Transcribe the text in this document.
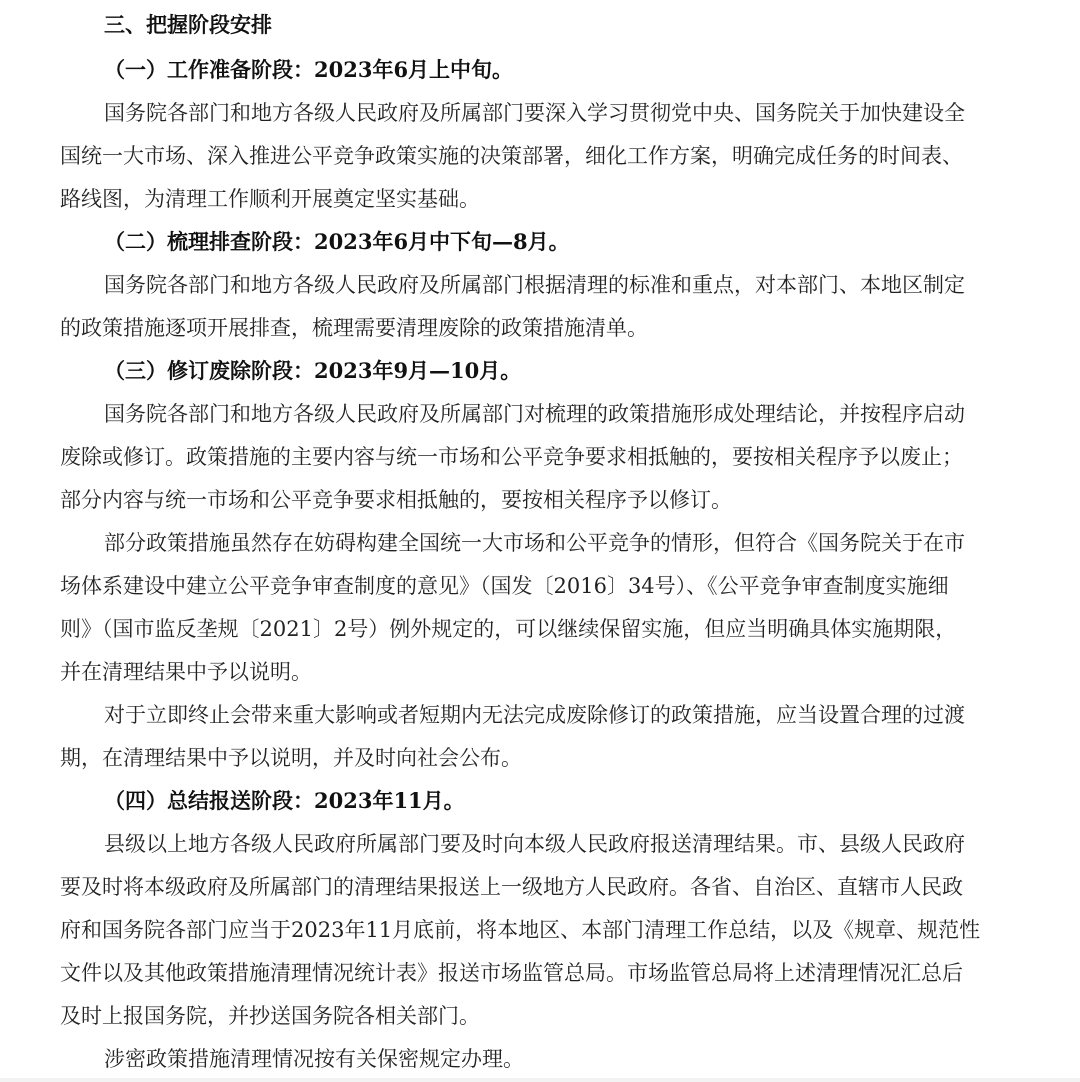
三、把握阶段安排
（一）工作准备阶段：2023年6月上中旬。
国务院各部门和地方各级人民政府及所属部门要深入学习贯彻党中央、国务院关于加快建设全
国统一大市场、深入推进公平竞争政策实施的决策部署，细化工作方案，明确完成任务的时间表、
路线图，为清理工作顺利开展奠定坚实基础。
（二）梳理排查阶段：2023年6月中下旬—8月。
国务院各部门和地方各级人民政府及所属部门根据清理的标准和重点，对本部门、本地区制定
的政策措施逐项开展排查，梳理需要清理废除的政策措施清单。
（三）修订废除阶段：2023年9月—10月。
国务院各部门和地方各级人民政府及所属部门对梳理的政策措施形成处理结论，并按程序启动
废除或修订。政策措施的主要内容与统一市场和公平竞争要求相抵触的，要按相关程序予以废止；
部分内容与统一市场和公平竞争要求相抵触的，要按相关程序予以修订。
部分政策措施虽然存在妨碍构建全国统一大市场和公平竞争的情形，但符合《国务院关于在市
场体系建设中建立公平竞争审查制度的意见》（国发〔2016〕34号）、《公平竞争审查制度实施细
则》（国市监反垄规〔2021〕2号）例外规定的，可以继续保留实施，但应当明确具体实施期限，
并在清理结果中予以说明。
对于立即终止会带来重大影响或者短期内无法完成废除修订的政策措施，应当设置合理的过渡
期，在清理结果中予以说明，并及时向社会公布。
（四）总结报送阶段：2023年11月。
县级以上地方各级人民政府所属部门要及时向本级人民政府报送清理结果。市、县级人民政府
要及时将本级政府及所属部门的清理结果报送上一级地方人民政府。各省、自治区、直辖市人民政
府和国务院各部门应当于2023年11月底前，将本地区、本部门清理工作总结，以及《规章、规范性
文件以及其他政策措施清理情况统计表》报送市场监管总局。市场监管总局将上述清理情况汇总后
及时上报国务院，并抄送国务院各相关部门。
涉密政策措施清理情况按有关保密规定办理。
